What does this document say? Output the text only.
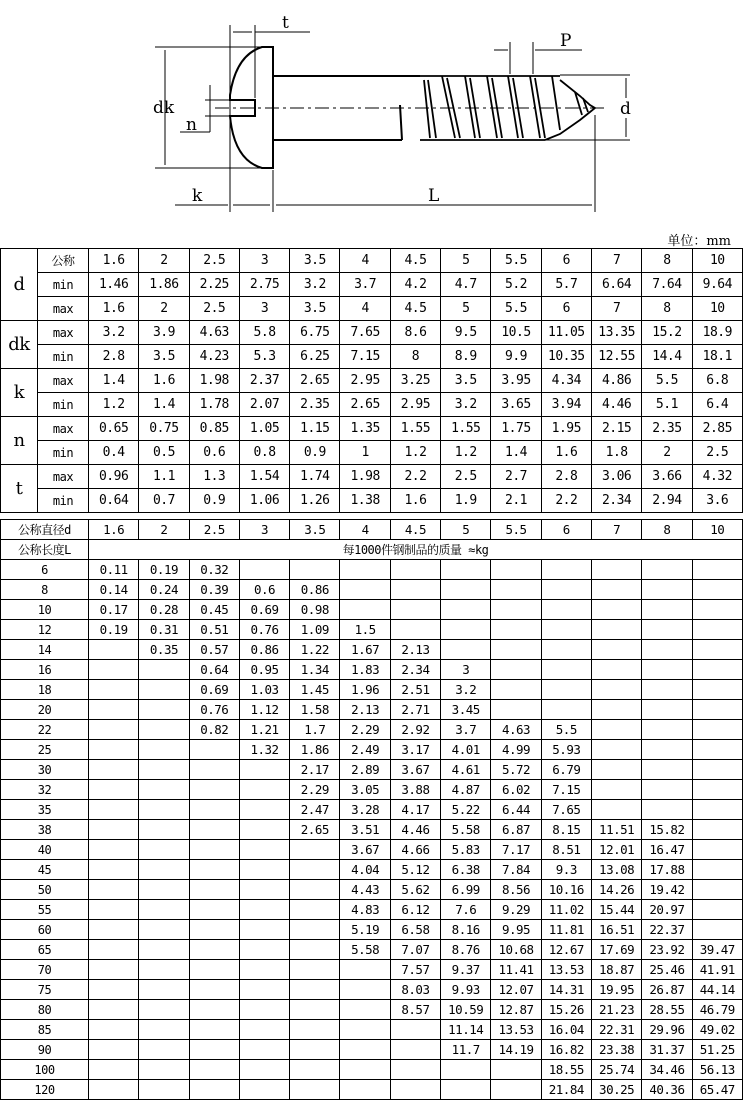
t
P
dk
n
d
k	L
单位：mm
d	公称	1.6	2	2.5	3	3.5	4	4.5	5	5.5	6	7	8	10
	min	1.46	1.86	2.25	2.75	3.2	3.7	4.2	4.7	5.2	5.7	6.64	7.64	9.64
	max	1.6	2	2.5	3	3.5	4	4.5	5	5.5	6	7	8	10
dk	max	3.2	3.9	4.63	5.8	6.75	7.65	8.6	9.5	10.5	11.05	13.35	15.2	18.9
	min	2.8	3.5	4.23	5.3	6.25	7.15	8	8.9	9.9	10.35	12.55	14.4	18.1
k	max	1.4	1.6	1.98	2.37	2.65	2.95	3.25	3.5	3.95	4.34	4.86	5.5	6.8
	min	1.2	1.4	1.78	2.07	2.35	2.65	2.95	3.2	3.65	3.94	4.46	5.1	6.4
n	max	0.65	0.75	0.85	1.05	1.15	1.35	1.55	1.55	1.75	1.95	2.15	2.35	2.85
	min	0.4	0.5	0.6	0.8	0.9	1	1.2	1.2	1.4	1.6	1.8	2	2.5
t	max	0.96	1.1	1.3	1.54	1.74	1.98	2.2	2.5	2.7	2.8	3.06	3.66	4.32
	min	0.64	0.7	0.9	1.06	1.26	1.38	1.6	1.9	2.1	2.2	2.34	2.94	3.6
公称直径d	1.6	2	2.5	3	3.5	4	4.5	5	5.5	6	7	8	10
公称长度L	每1000件钢制品的质量 ≈kg												
6	0.11	0.19	0.32										
8	0.14	0.24	0.39	0.6	0.86								
10	0.17	0.28	0.45	0.69	0.98								
12	0.19	0.31	0.51	0.76	1.09	1.5							
14		0.35	0.57	0.86	1.22	1.67	2.13						
16			0.64	0.95	1.34	1.83	2.34	3					
18			0.69	1.03	1.45	1.96	2.51	3.2					
20			0.76	1.12	1.58	2.13	2.71	3.45					
22			0.82	1.21	1.7	2.29	2.92	3.7	4.63	5.5			
25				1.32	1.86	2.49	3.17	4.01	4.99	5.93			
30					2.17	2.89	3.67	4.61	5.72	6.79			
32					2.29	3.05	3.88	4.87	6.02	7.15			
35					2.47	3.28	4.17	5.22	6.44	7.65			
38					2.65	3.51	4.46	5.58	6.87	8.15	11.51	15.82	
40						3.67	4.66	5.83	7.17	8.51	12.01	16.47	
45						4.04	5.12	6.38	7.84	9.3	13.08	17.88	
50						4.43	5.62	6.99	8.56	10.16	14.26	19.42	
55						4.83	6.12	7.6	9.29	11.02	15.44	20.97	
60						5.19	6.58	8.16	9.95	11.81	16.51	22.37	
65						5.58	7.07	8.76	10.68	12.67	17.69	23.92	39.47
70							7.57	9.37	11.41	13.53	18.87	25.46	41.91
75							8.03	9.93	12.07	14.31	19.95	26.87	44.14
80							8.57	10.59	12.87	15.26	21.23	28.55	46.79
85								11.14	13.53	16.04	22.31	29.96	49.02
90								11.7	14.19	16.82	23.38	31.37	51.25
100										18.55	25.74	34.46	56.13
120										21.84	30.25	40.36	65.47
